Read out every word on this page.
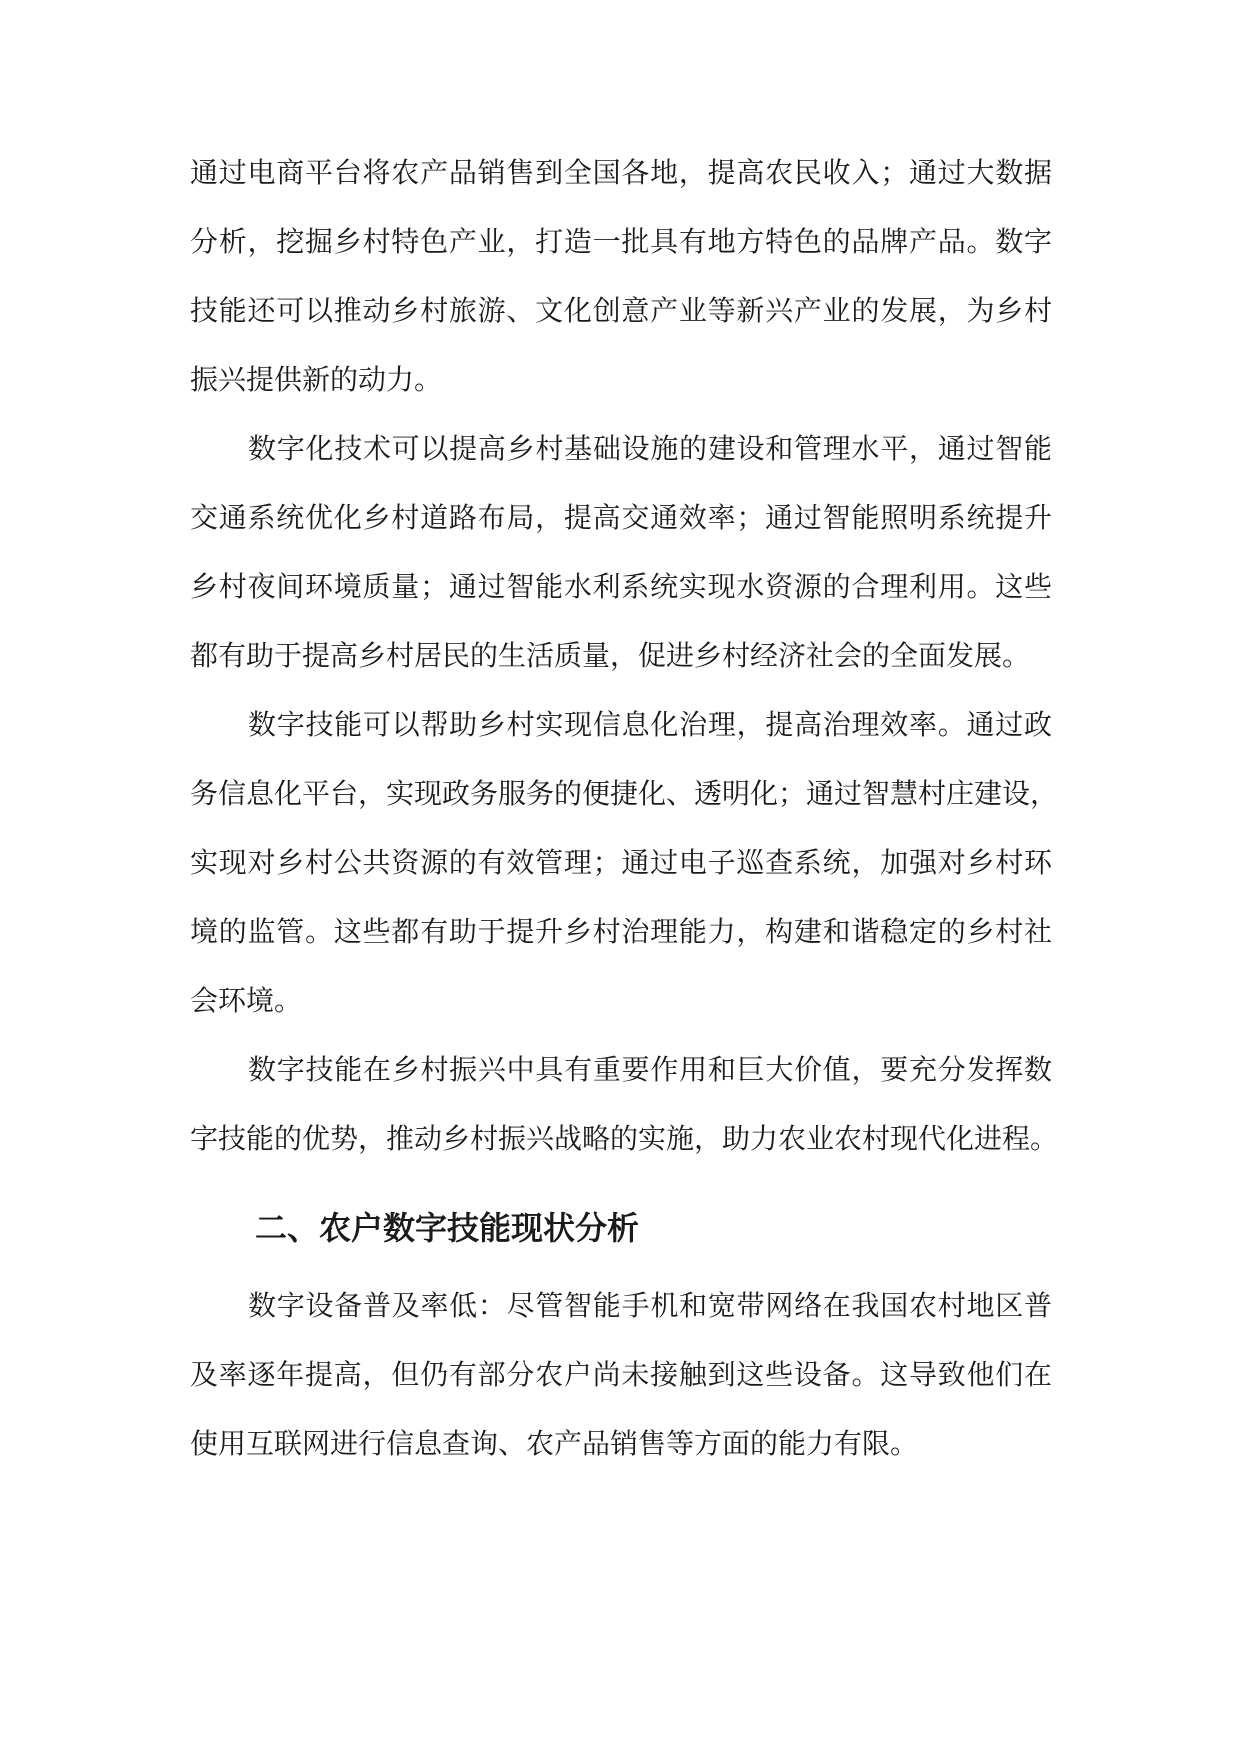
通过电商平台将农产品销售到全国各地，提高农民收入；通过大数据
分析，挖掘乡村特色产业，打造一批具有地方特色的品牌产品。数字
技能还可以推动乡村旅游、文化创意产业等新兴产业的发展，为乡村
振兴提供新的动力。
数字化技术可以提高乡村基础设施的建设和管理水平，通过智能
交通系统优化乡村道路布局，提高交通效率；通过智能照明系统提升
乡村夜间环境质量；通过智能水利系统实现水资源的合理利用。这些
都有助于提高乡村居民的生活质量，促进乡村经济社会的全面发展。
数字技能可以帮助乡村实现信息化治理，提高治理效率。通过政
务信息化平台，实现政务服务的便捷化、透明化；通过智慧村庄建设，
实现对乡村公共资源的有效管理；通过电子巡查系统，加强对乡村环
境的监管。这些都有助于提升乡村治理能力，构建和谐稳定的乡村社
会环境。
数字技能在乡村振兴中具有重要作用和巨大价值，要充分发挥数
字技能的优势，推动乡村振兴战略的实施，助力农业农村现代化进程。
二、农户数字技能现状分析
数字设备普及率低：尽管智能手机和宽带网络在我国农村地区普
及率逐年提高，但仍有部分农户尚未接触到这些设备。这导致他们在
使用互联网进行信息查询、农产品销售等方面的能力有限。
